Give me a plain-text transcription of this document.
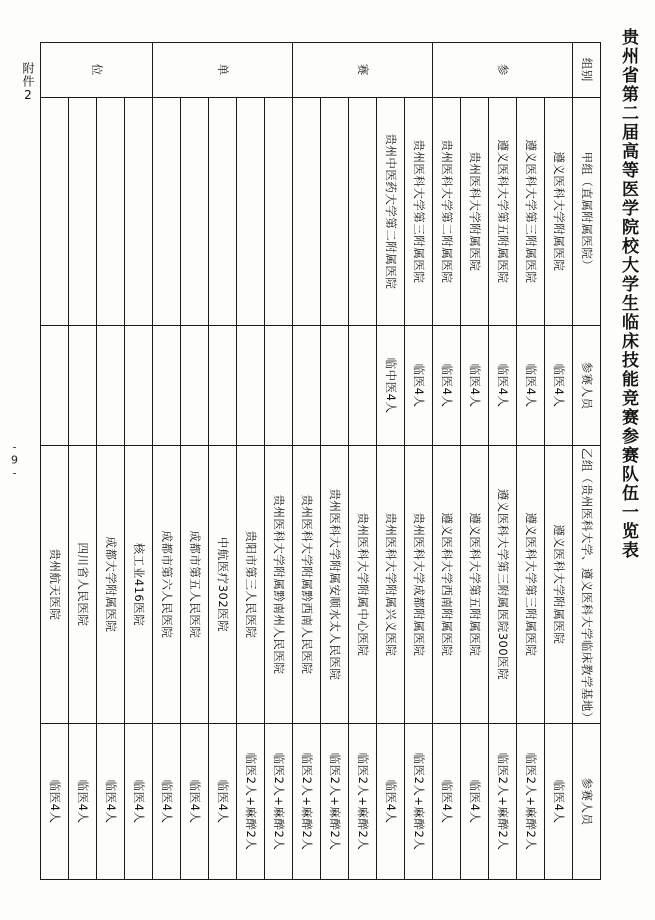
附件2	贵州省第二届高等医学院校大学生临床技能竞赛参赛队伍一览表
-9-
组别	甲组（直属附属医院）	参赛人员	乙组（贵州医科大学、遵义医科大学临床教学基地）	参赛人员
参	遵义医科大学附属医院	临医4人	遵义医科大学附属医院	临医4人
	遵义医科大学第三附属医院	临医4人	遵义医科大学第三附属医院	临医2人+麻醉2人
	遵义医科大学第五附属医院	临医4人	遵义医科大学第三附属医院300医院	临医2人+麻醉2人
	贵州医科大学附属医院	临医4人	遵义医科大学第五附属医院	临医4人
	贵州医科大学第二附属医院	临医4人	遵义医科大学西南附属医院	临医4人
赛	贵州医科大学第三附属医院	临医4人	贵州医科大学成都附属医院	临医2人+麻醉2人
	贵州中医药大学第二附属医院	临中医4人	贵州医科大学附属兴义医院	临医4人
			贵州医科大学附属中心医院	临医2人+麻醉2人
			贵州医科大学附属安顺水太人民医院	临医2人+麻醉2人
			贵州医科大学附属黔西南人民医院	临医2人+麻醉2人
单			贵州医科大学附属黔南州人民医院	临医2人+麻醉2人
			贵阳市第三人民医院	临医2人+麻醉2人
			中航医疗302医院	临医4人
			成都市第五人民医院	临医4人
			成都市第六人民医院	临医4人
位			核工业416医院	临医4人
			成都大学附属医院	临医4人
			四川省人民医院	临医4人
			贵州航天医院	临医4人
